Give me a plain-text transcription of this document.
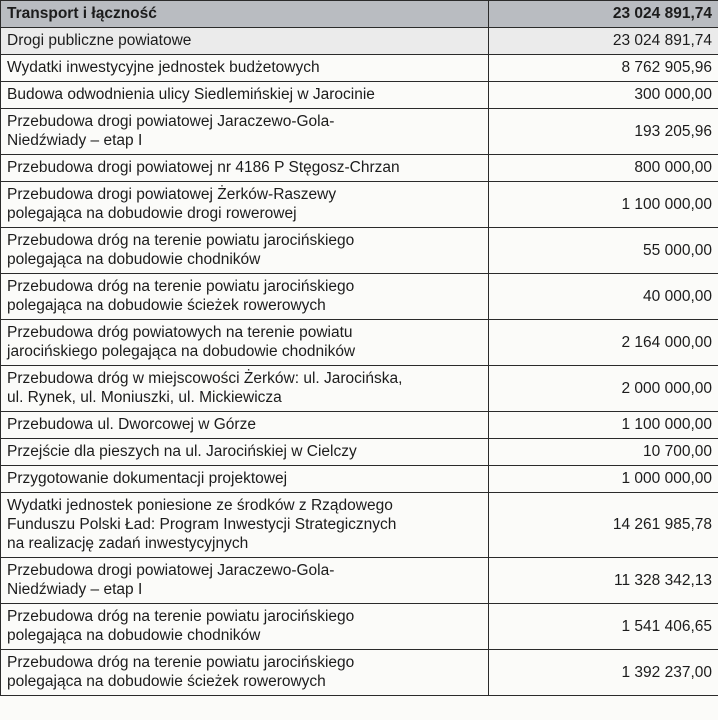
Transport i łączność	23 024 891,74
Drogi publiczne powiatowe	23 024 891,74
Wydatki inwestycyjne jednostek budżetowych	8 762 905,96
Budowa odwodnienia ulicy Siedlemińskiej w Jarocinie	300 000,00
Przebudowa drogi powiatowej Jaraczewo-Gola-
Niedźwiady – etap I	193 205,96
Przebudowa drogi powiatowej nr 4186 P Stęgosz-Chrzan	800 000,00
Przebudowa drogi powiatowej Żerków-Raszewy
polegająca na dobudowie drogi rowerowej	1 100 000,00
Przebudowa dróg na terenie powiatu jarocińskiego
polegająca na dobudowie chodników	55 000,00
Przebudowa dróg na terenie powiatu jarocińskiego
polegająca na dobudowie ścieżek rowerowych	40 000,00
Przebudowa dróg powiatowych na terenie powiatu
jarocińskiego polegająca na dobudowie chodników	2 164 000,00
Przebudowa dróg w miejscowości Żerków: ul. Jarocińska,
ul. Rynek, ul. Moniuszki, ul. Mickiewicza	2 000 000,00
Przebudowa ul. Dworcowej w Górze	1 100 000,00
Przejście dla pieszych na ul. Jarocińskiej w Cielczy	10 700,00
Przygotowanie dokumentacji projektowej	1 000 000,00
Wydatki jednostek poniesione ze środków z Rządowego
Funduszu Polski Ład: Program Inwestycji Strategicznych
na realizację zadań inwestycyjnych	14 261 985,78
Przebudowa drogi powiatowej Jaraczewo-Gola-
Niedźwiady – etap I	11 328 342,13
Przebudowa dróg na terenie powiatu jarocińskiego
polegająca na dobudowie chodników	1 541 406,65
Przebudowa dróg na terenie powiatu jarocińskiego
polegająca na dobudowie ścieżek rowerowych	1 392 237,00
